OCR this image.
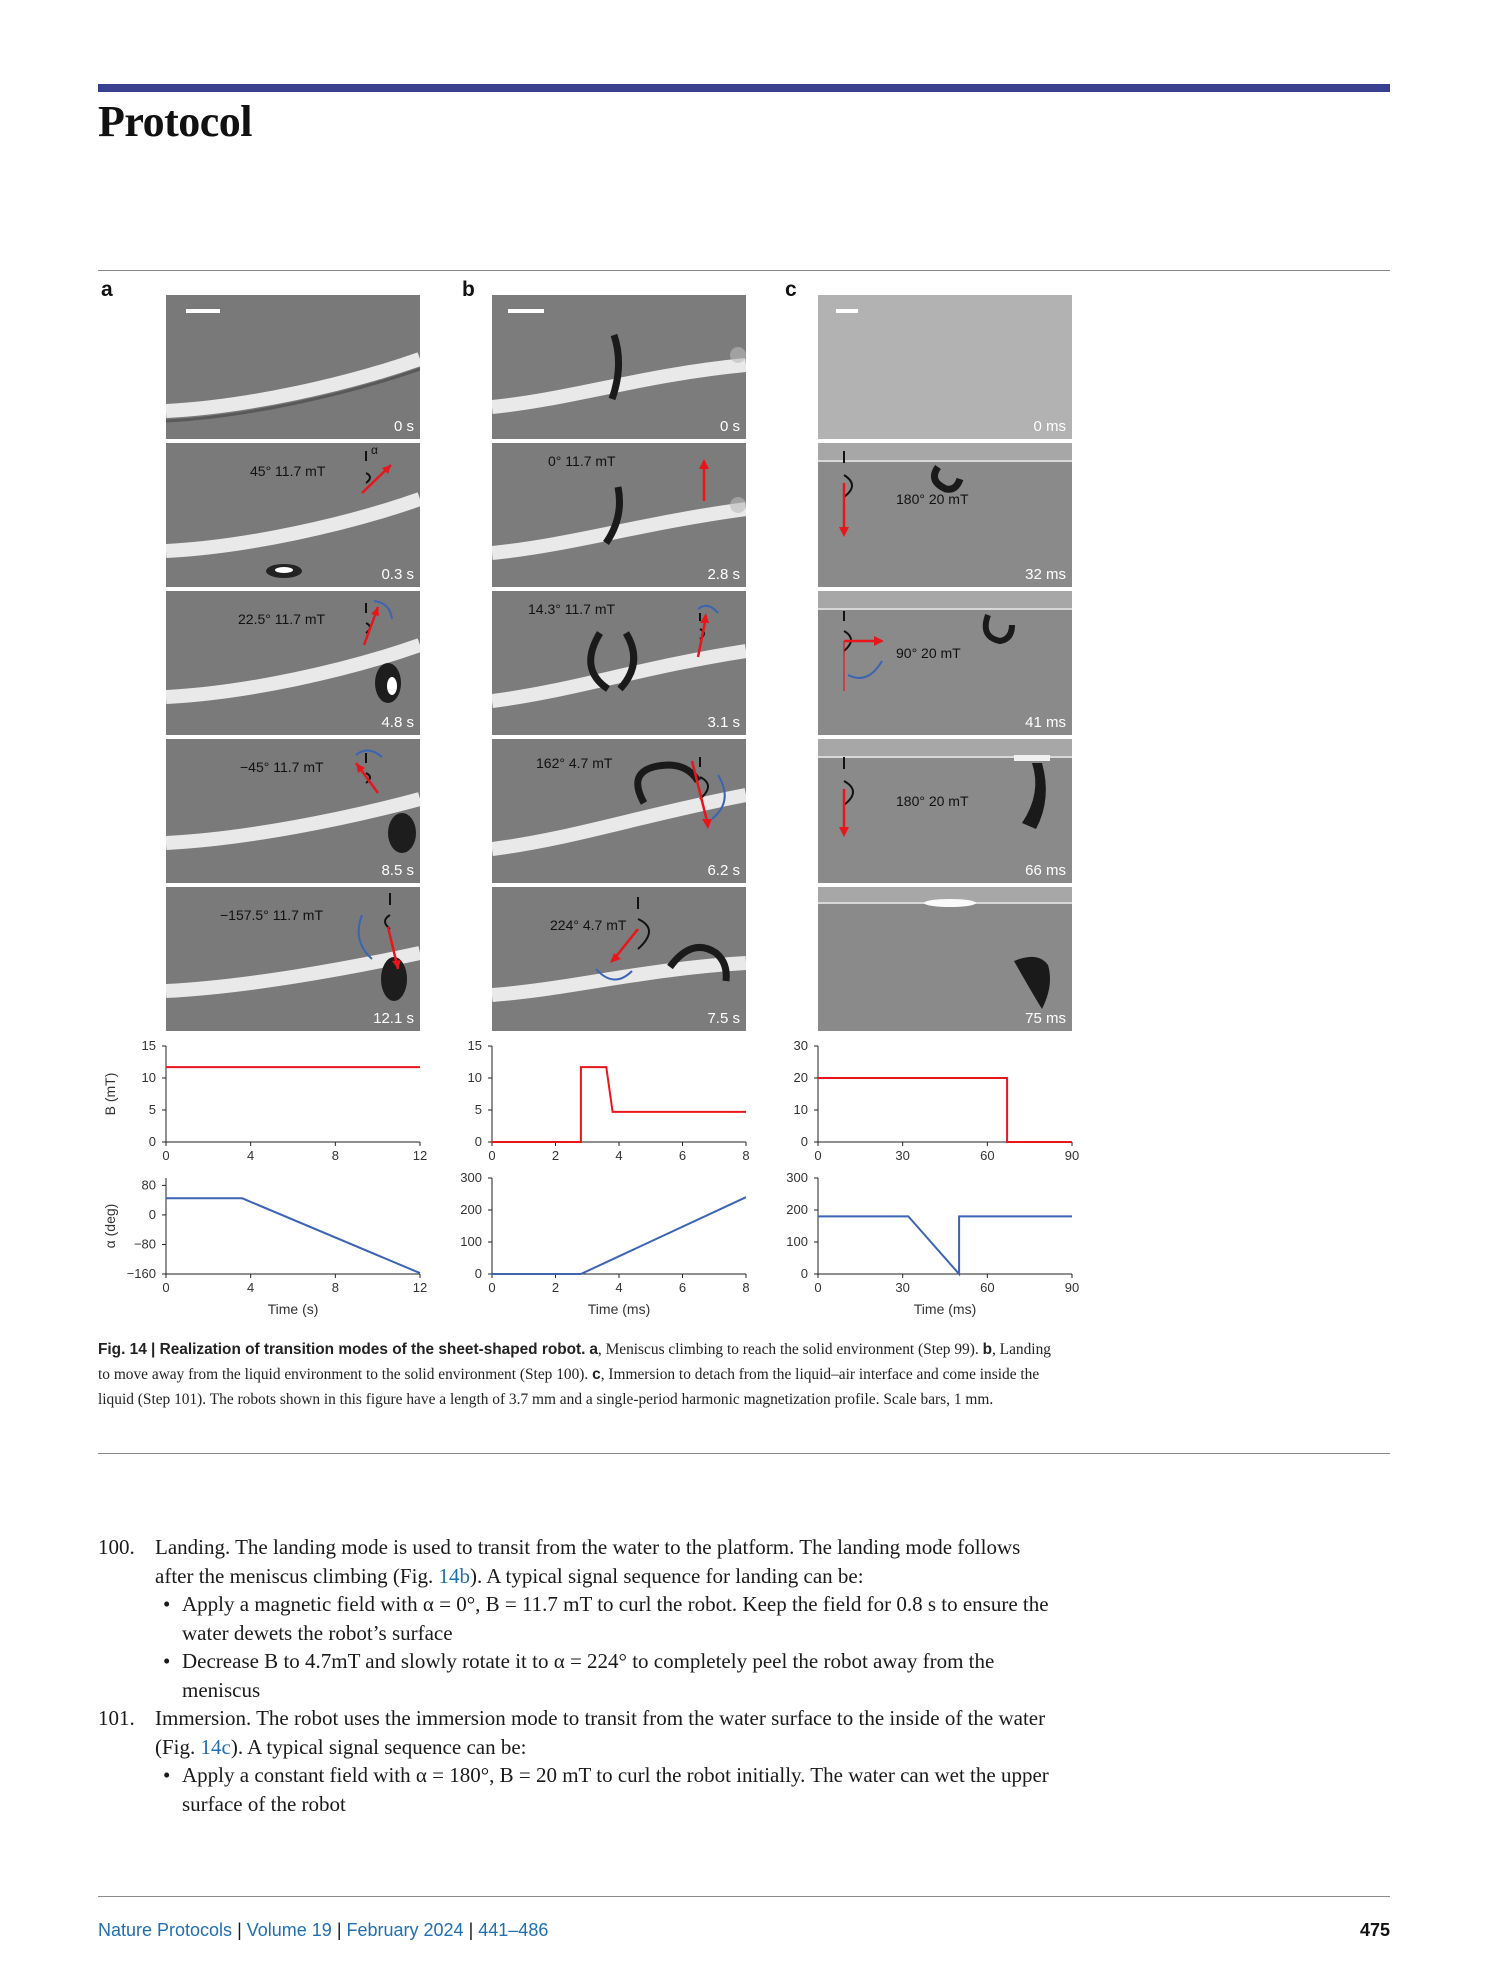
Protocol
a	b	c
0 s
45° 11.7 mT
α
0.3 s
22.5° 11.7 mT
4.8 s
−45° 11.7 mT
8.5 s
−157.5° 11.7 mT
12.1 s
0 s
0° 11.7 mT
2.8 s
14.3° 11.7 mT
3.1 s
162° 4.7 mT
6.2 s
224° 4.7 mT
7.5 s
0 ms
180° 20 mT
32 ms
90° 20 mT
41 ms
180° 20 mT
66 ms
75 ms
0	4	8	12
0
5
10
15
B (mT)
0	2	4	6	8
0
5
10
15
0	30	60	90
0
10
20
30
0	4	8	12
−160
−80
0
80
α (deg)
Time (s)
0	2	4	6	8
0
100
200
300
Time (ms)
0	30	60	90
0
100
200
300
Time (ms)
Fig. 14 | Realization of transition modes of the sheet-shaped robot. a, Meniscus climbing to reach the solid environment (Step 99). b, Landing to move away from the liquid environment to the solid environment (Step 100). c, Immersion to detach from the liquid–air interface and come inside the liquid (Step 101). The robots shown in this figure have a length of 3.7 mm and a single-period harmonic magnetization profile. Scale bars, 1 mm.
100. Landing. The landing mode is used to transit from the water to the platform. The landing mode follows after the meniscus climbing (Fig. 14b). A typical signal sequence for landing can be:
• Apply a magnetic field with α = 0°, B = 11.7 mT to curl the robot. Keep the field for 0.8 s to ensure the water dewets the robot’s surface
• Decrease B to 4.7mT and slowly rotate it to α = 224° to completely peel the robot away from the meniscus
101. Immersion. The robot uses the immersion mode to transit from the water surface to the inside of the water (Fig. 14c). A typical signal sequence can be:
• Apply a constant field with α = 180°, B = 20 mT to curl the robot initially. The water can wet the upper surface of the robot
Nature Protocols | Volume 19 | February 2024 | 441–486	475
